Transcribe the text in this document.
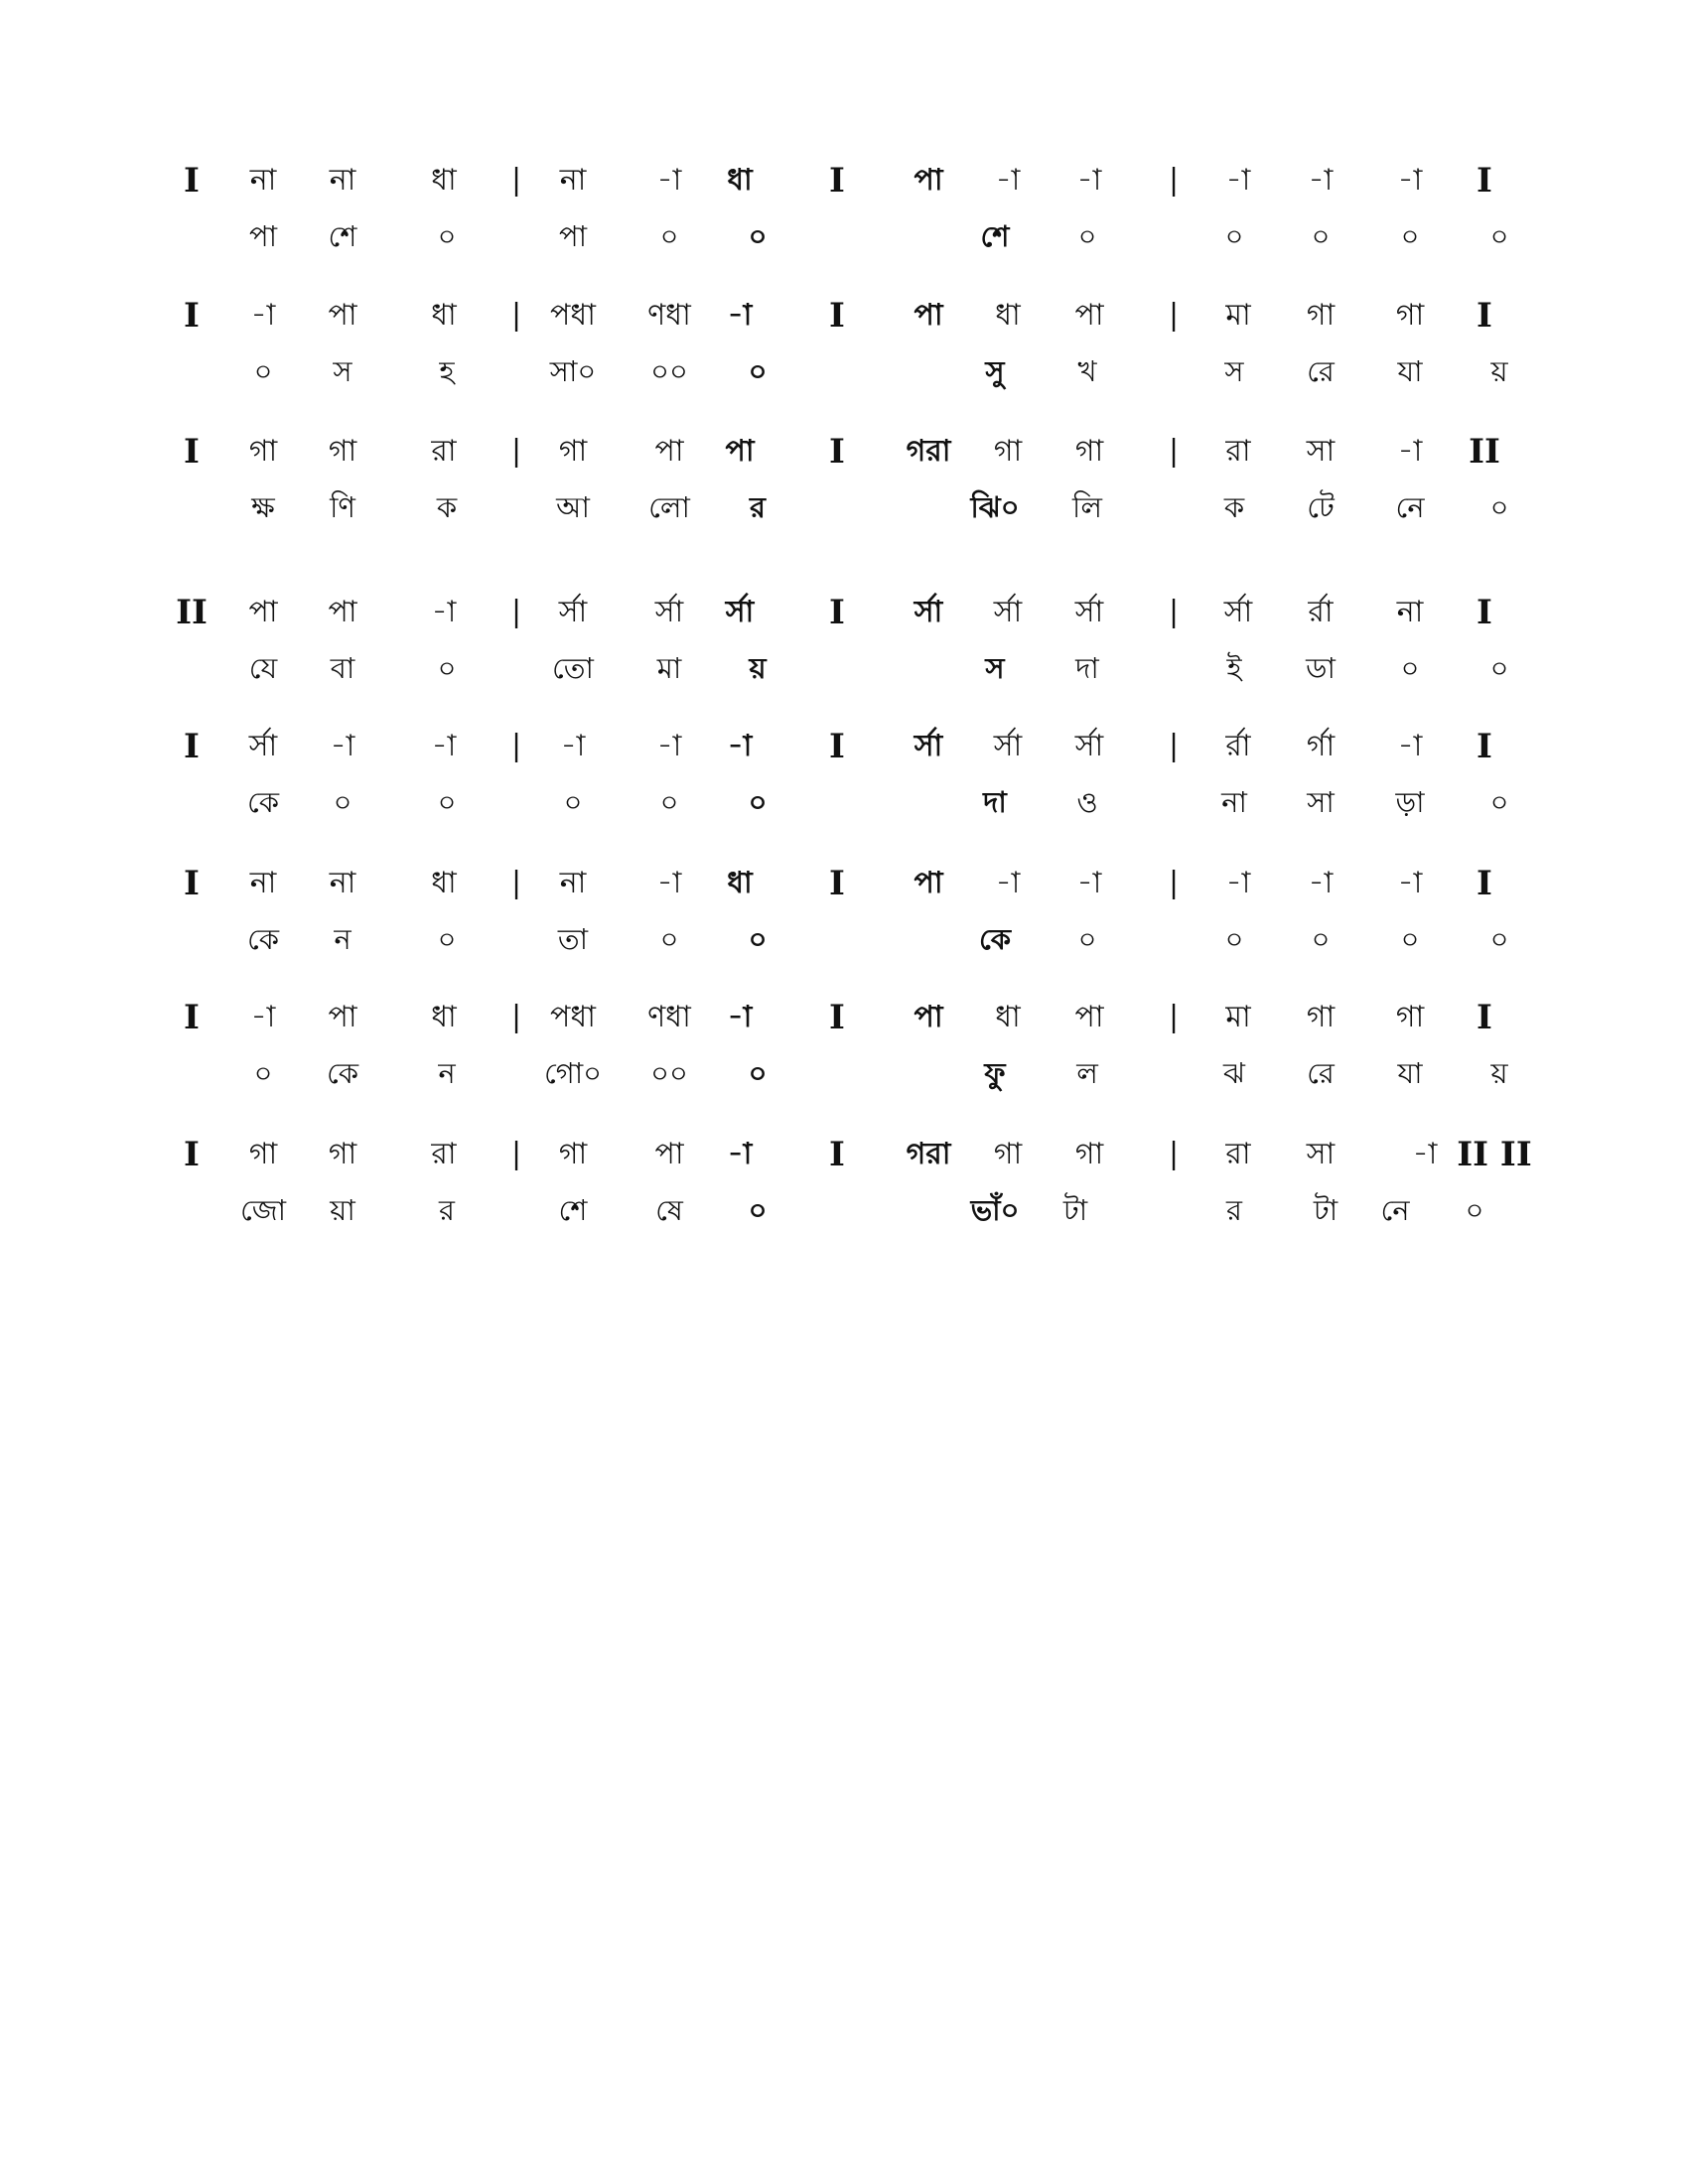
I না না	ধা | না -া ধা I পা -া -া | -া -া -া I
পা শে	০	পা	০ ০	শে ০	০ ০ ০ ০
I -া পা ধা | পধা ণধা -া I পা ধা পা | মা গা গা I
০ স	হ	সা০ ০০ ০	সু	খ	স রে যা য়
I গা গা	রা | গা পা পা I গরা গা গা | রা সা -া II
ক্ষ ণি	ক	আ লো র	ঝি০ লি	ক টে নে ০
II পা পা	-া | র্সা র্সা র্সা I র্সা র্সা র্সা | র্সা র্রা না I
যে বা	০	তো মা য়	স দা	ই ডা ০ ০
I র্সা -া	-া | -া -া -া I র্সা র্সা র্সা | র্রা র্গা -া I
কে ০	০	০	০ ০	দা ও	না সা ড়া ০
I না না	ধা | না -া ধা I পা -া -া | -া -া -া I
কে ন	০	তা ০ ০	কে ০	০ ০ ০ ০
I -া পা ধা | পধা ণধা -া I পা ধা পা | মা গা গা I
০ কে	ন	গো০ ০০ ০	ফু ল	ঝ রে যা য়
I গা গা	রা | গা পা -া I গরা গা গা | রা সা	-া II II
জো য়া	র	শে ষে ০	ভাঁ০ টা	র টা নে ০
